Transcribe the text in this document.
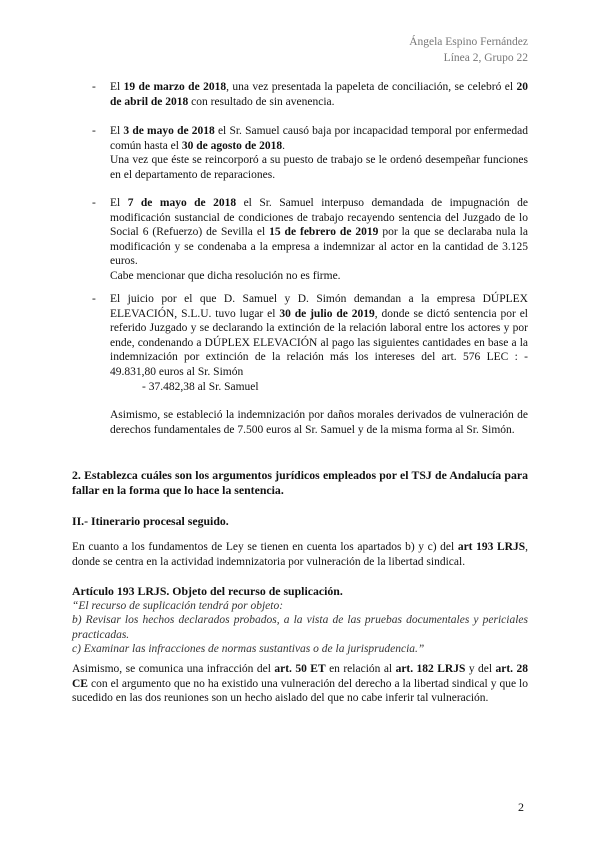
Ángela Espino Fernández
Línea 2, Grupo 22
- El 19 de marzo de 2018, una vez presentada la papeleta de conciliación, se celebró el 20 de abril de 2018 con resultado de sin avenencia.

- El 3 de mayo de 2018 el Sr. Samuel causó baja por incapacidad temporal por enfermedad común hasta el 30 de agosto de 2018.

Una vez que éste se reincorporó a su puesto de trabajo se le ordenó desempeñar funciones en el departamento de reparaciones.

- El 7 de mayo de 2018 el Sr. Samuel interpuso demandada de impugnación de modificación sustancial de condiciones de trabajo recayendo sentencia del Juzgado de lo Social 6 (Refuerzo) de Sevilla el 15 de febrero de 2019 por la que se declaraba nula la modificación y se condenaba a la empresa a indemnizar al actor en la cantidad de 3.125 euros.

Cabe mencionar que dicha resolución no es firme.

- El juicio por el que D. Samuel y D. Simón demandan a la empresa DÚPLEX ELEVACIÓN, S.L.U. tuvo lugar el 30 de julio de 2019, donde se dictó sentencia por el referido Juzgado y se declarando la extinción de la relación laboral entre los actores y por ende, condenando a DÚPLEX ELEVACIÓN al pago las siguientes cantidades en base a la indemnización por extinción de la relación más los intereses del art. 576 LEC : - 49.831,80 euros al Sr. Simón

- 37.482,38 al Sr. Samuel

Asimismo, se estableció la indemnización por daños morales derivados de vulneración de derechos fundamentales de 7.500 euros al Sr. Samuel y de la misma forma al Sr. Simón.

2. Establezca cuáles son los argumentos jurídicos empleados por el TSJ de Andalucía para fallar en la forma que lo hace la sentencia.
II.- Itinerario procesal seguido.

En cuanto a los fundamentos de Ley se tienen en cuenta los apartados b) y c) del art 193 LRJS, donde se centra en la actividad indemnizatoria por vulneración de la libertad sindical.

Artículo 193 LRJS. Objeto del recurso de suplicación.

“El recurso de suplicación tendrá por objeto:

b) Revisar los hechos declarados probados, a la vista de las pruebas documentales y periciales practicadas.

c) Examinar las infracciones de normas sustantivas o de la jurisprudencia.”

Asimismo, se comunica una infracción del art. 50 ET en relación al art. 182 LRJS y del art. 28 CE con el argumento que no ha existido una vulneración del derecho a la libertad sindical y que lo sucedido en las dos reuniones son un hecho aislado del que no cabe inferir tal vulneración.

2
